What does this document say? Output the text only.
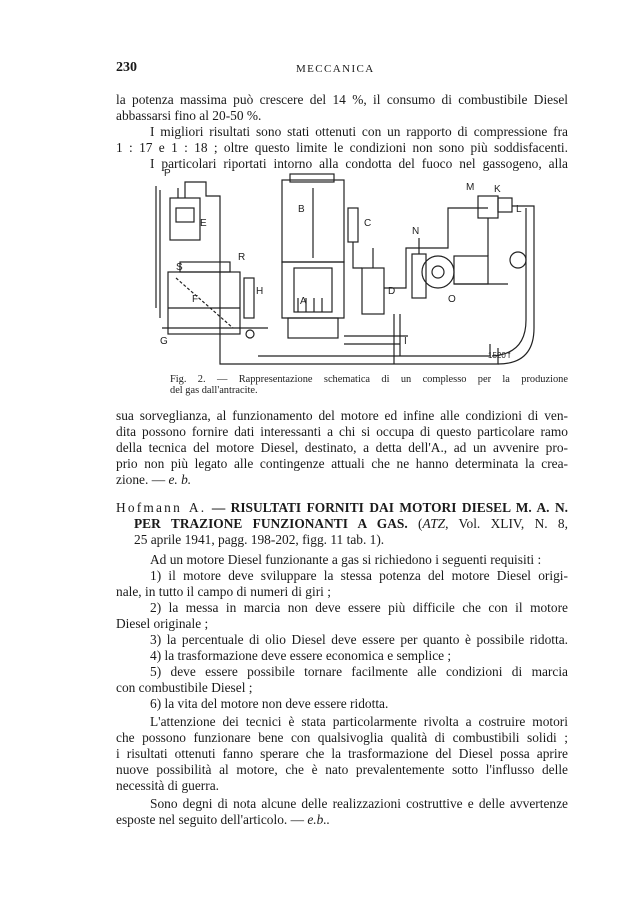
230	MECCANICA
la potenza massima può crescere del 14 %, il consumo di combustibile Diesel
abbassarsi fino al 20-50 %.
I migliori risultati sono stati ottenuti con un rapporto di compressione fra
1 : 17 e 1 : 18 ; oltre questo limite le condizioni non sono più soddisfacenti.
I particolari riportati intorno alla condotta del fuoco nel gassogeno, alla
P
E
S
R
F
H
G
B
C
A
D
I
N
M K
L
O
1520 f
Fig. 2. — Rappresentazione schematica di un complesso per la produzione
del gas dall'antracite.
sua sorveglianza, al funzionamento del motore ed infine alle condizioni di ven-
dita possono fornire dati interessanti a chi si occupa di questo particolare ramo
della tecnica del motore Diesel, destinato, a detta dell'A., ad un avvenire pro-
prio non più legato alle contingenze attuali che ne hanno determinata la crea-
zione. — e. b.
Hofmann A. — RISULTATI FORNITI DAI MOTORI DIESEL M. A. N.
PER TRAZIONE FUNZIONANTI A GAS. (ATZ, Vol. XLIV, N. 8,
25 aprile 1941, pagg. 198-202, figg. 11 tab. 1).
Ad un motore Diesel funzionante a gas si richiedono i seguenti requisiti :
1) il motore deve sviluppare la stessa potenza del motore Diesel origi-
nale, in tutto il campo di numeri di giri ;
2) la messa in marcia non deve essere più difficile che con il motore
Diesel originale ;
3) la percentuale di olio Diesel deve essere per quanto è possibile ridotta.
4) la trasformazione deve essere economica e semplice ;
5) deve essere possibile tornare facilmente alle condizioni di marcia
con combustibile Diesel ;
6) la vita del motore non deve essere ridotta.
L'attenzione dei tecnici è stata particolarmente rivolta a costruire motori
che possono funzionare bene con qualsivoglia qualità di combustibili solidi ;
i risultati ottenuti fanno sperare che la trasformazione del Diesel possa aprire
nuove possibilità al motore, che è nato prevalentemente sotto l'influsso delle
necessità di guerra.
Sono degni di nota alcune delle realizzazioni costruttive e delle avvertenze
esposte nel seguito dell'articolo. — e.b..
